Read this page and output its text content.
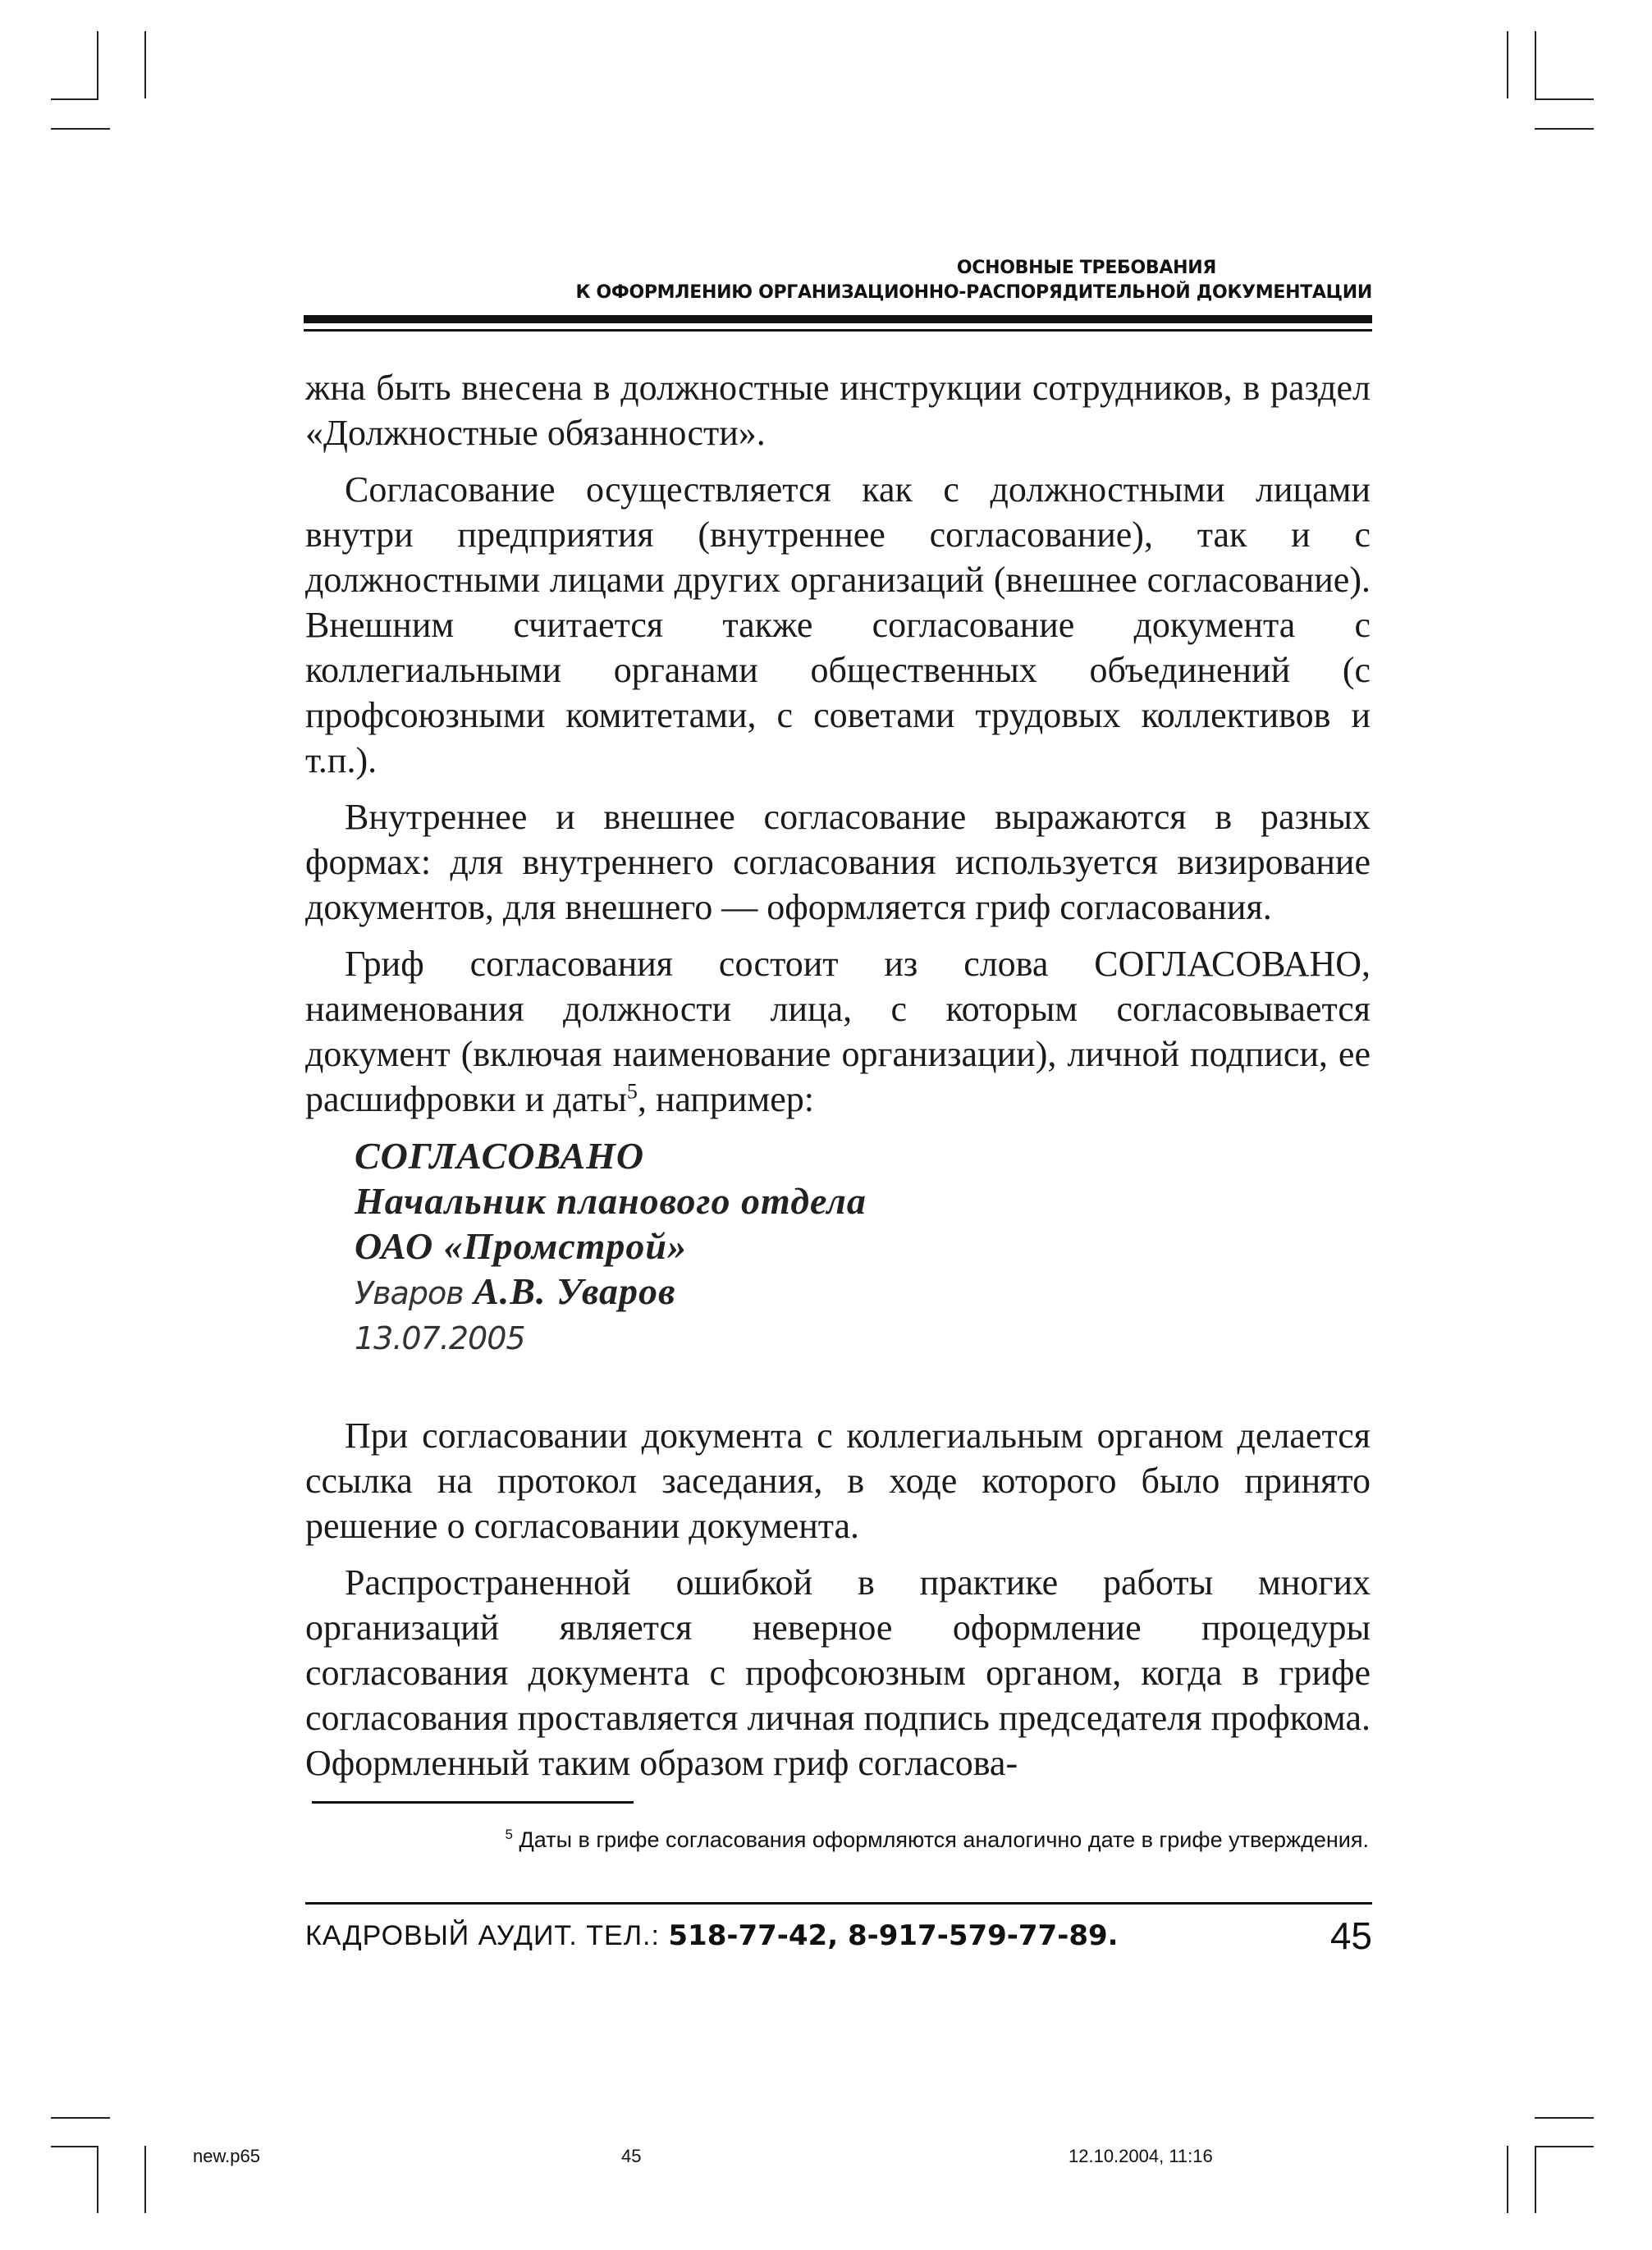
ОСНОВНЫЕ ТРЕБОВАНИЯ
К ОФОРМЛЕНИЮ ОРГАНИЗАЦИОННО-РАСПОРЯДИТЕЛЬНОЙ ДОКУМЕНТАЦИИ

жна быть внесена в должностные инструкции сотрудников, в раздел «Должностные обязанности».

Согласование осуществляется как с должностными лицами внутри предприятия (внутреннее согласование), так и с должностными лицами других организаций (внешнее согласование). Внешним считается также согласование документа с коллегиальными органами общественных объединений (с профсоюзными комитетами, с советами трудовых коллективов и т.п.).

Внутреннее и внешнее согласование выражаются в разных формах: для внутреннего согласования используется визирование документов, для внешнего — оформляется гриф согласования.

Гриф согласования состоит из слова СОГЛАСОВАНО, наименования должности лица, с которым согласовывается документ (включая наименование организации), личной подписи, ее расшифровки и даты$^5$, например:

СОГЛАСОВАНО
Начальник планового отдела
ОАО «Промстрой»
Уваров А.В. Уваров
13.07.2005

При согласовании документа с коллегиальным органом делается ссылка на протокол заседания, в ходе которого было принято решение о согласовании документа.

Распространенной ошибкой в практике работы многих организаций является неверное оформление процедуры согласования документа с профсоюзным органом, когда в грифе согласования проставляется личная подпись председателя профкома. Оформленный таким образом гриф согласова-

$^5$ Даты в грифе согласования оформляются аналогично дате в грифе утверждения.
КАДРОВЫЙ АУДИТ. ТЕЛ.: 518-77-42, 8-917-579-77-89.	45
new.p65	45	12.10.2004, 11:16
